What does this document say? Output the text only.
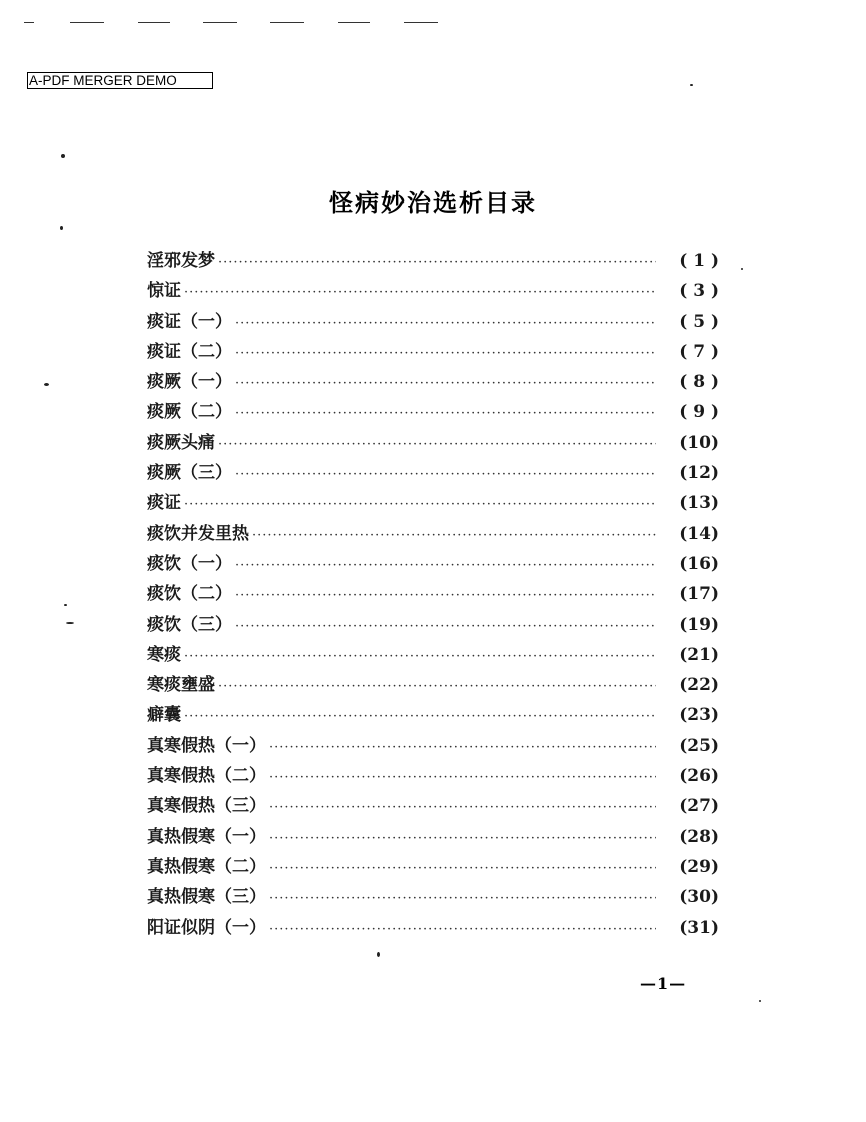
A-PDF MERGER DEMO
怪病妙治选析目录
淫邪发梦 ·····	( 1 )
惊证 ·····	( 3 )
痰证（一） ·····	( 5 )
痰证（二） ·····	( 7 )
痰厥（一） ·····	( 8 )
痰厥（二） ·····	( 9 )
痰厥头痛 ·····	(10)
痰厥（三） ·····	(12)
痰证 ·····	(13)
痰饮并发里热 ·····	(14)
痰饮（一） ·····	(16)
痰饮（二） ·····	(17)
痰饮（三） ·····	(19)
寒痰 ·····	(21)
寒痰壅盛 ·····	(22)
癖囊 ·····	(23)
真寒假热（一） ·····	(25)
真寒假热（二） ·····	(26)
真寒假热（三） ·····	(27)
真热假寒（一） ·····	(28)
真热假寒（二） ·····	(29)
真热假寒（三） ·····	(30)
阳证似阴（一） ·····	(31)
—1—
